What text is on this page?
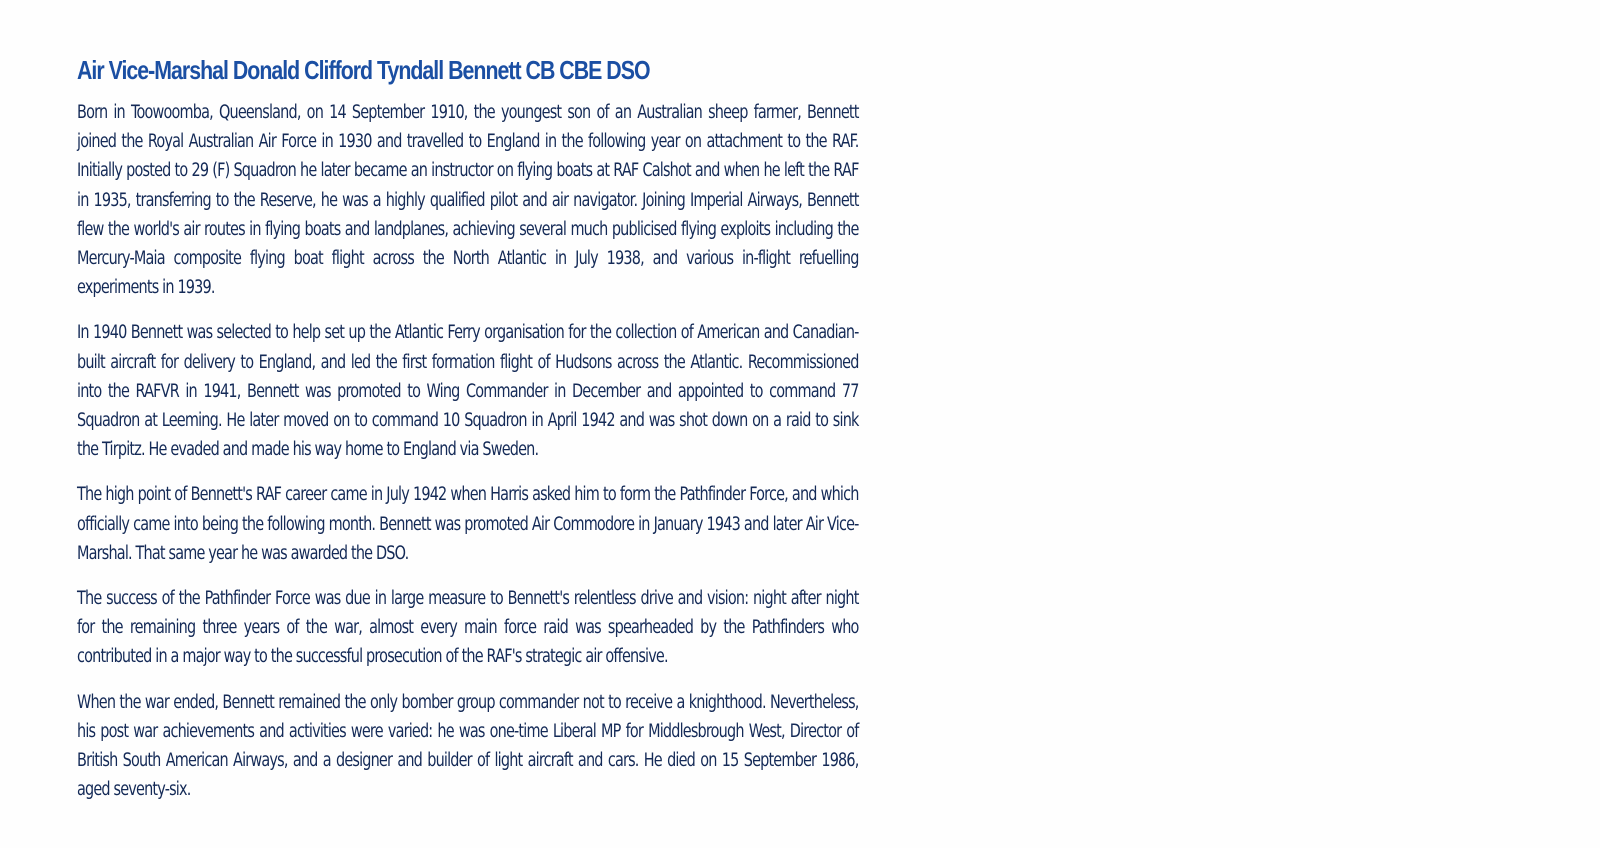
Air Vice-Marshal Donald Clifford Tyndall Bennett CB CBE DSO

Born in Toowoomba, Queensland, on 14 September 1910, the youngest son of an Australian sheep farmer, Bennett joined the Royal Australian Air Force in 1930 and travelled to England in the following year on attachment to the RAF. Initially posted to 29 (F) Squadron he later became an instructor on flying boats at RAF Calshot and when he left the RAF in 1935, transferring to the Reserve, he was a highly qualified pilot and air navigator. Joining Imperial Airways, Bennett flew the world's air routes in flying boats and landplanes, achieving several much publicised flying exploits including the Mercury-Maia composite flying boat flight across the North Atlantic in July 1938, and various in-flight refuelling experiments in 1939.

In 1940 Bennett was selected to help set up the Atlantic Ferry organisation for the collection of American and Canadian-built aircraft for delivery to England, and led the first formation flight of Hudsons across the Atlantic. Recommissioned into the RAFVR in 1941, Bennett was promoted to Wing Commander in December and appointed to command 77 Squadron at Leeming. He later moved on to command 10 Squadron in April 1942 and was shot down on a raid to sink the Tirpitz. He evaded and made his way home to England via Sweden.

The high point of Bennett's RAF career came in July 1942 when Harris asked him to form the Pathfinder Force, and which officially came into being the following month. Bennett was promoted Air Commodore in January 1943 and later Air Vice-Marshal. That same year he was awarded the DSO.

The success of the Pathfinder Force was due in large measure to Bennett's relentless drive and vision: night after night for the remaining three years of the war, almost every main force raid was spearheaded by the Pathfinders who contributed in a major way to the successful prosecution of the RAF's strategic air offensive.

When the war ended, Bennett remained the only bomber group commander not to receive a knighthood. Nevertheless, his post war achievements and activities were varied: he was one-time Liberal MP for Middlesbrough West, Director of British South American Airways, and a designer and builder of light aircraft and cars. He died on 15 September 1986, aged seventy-six.
